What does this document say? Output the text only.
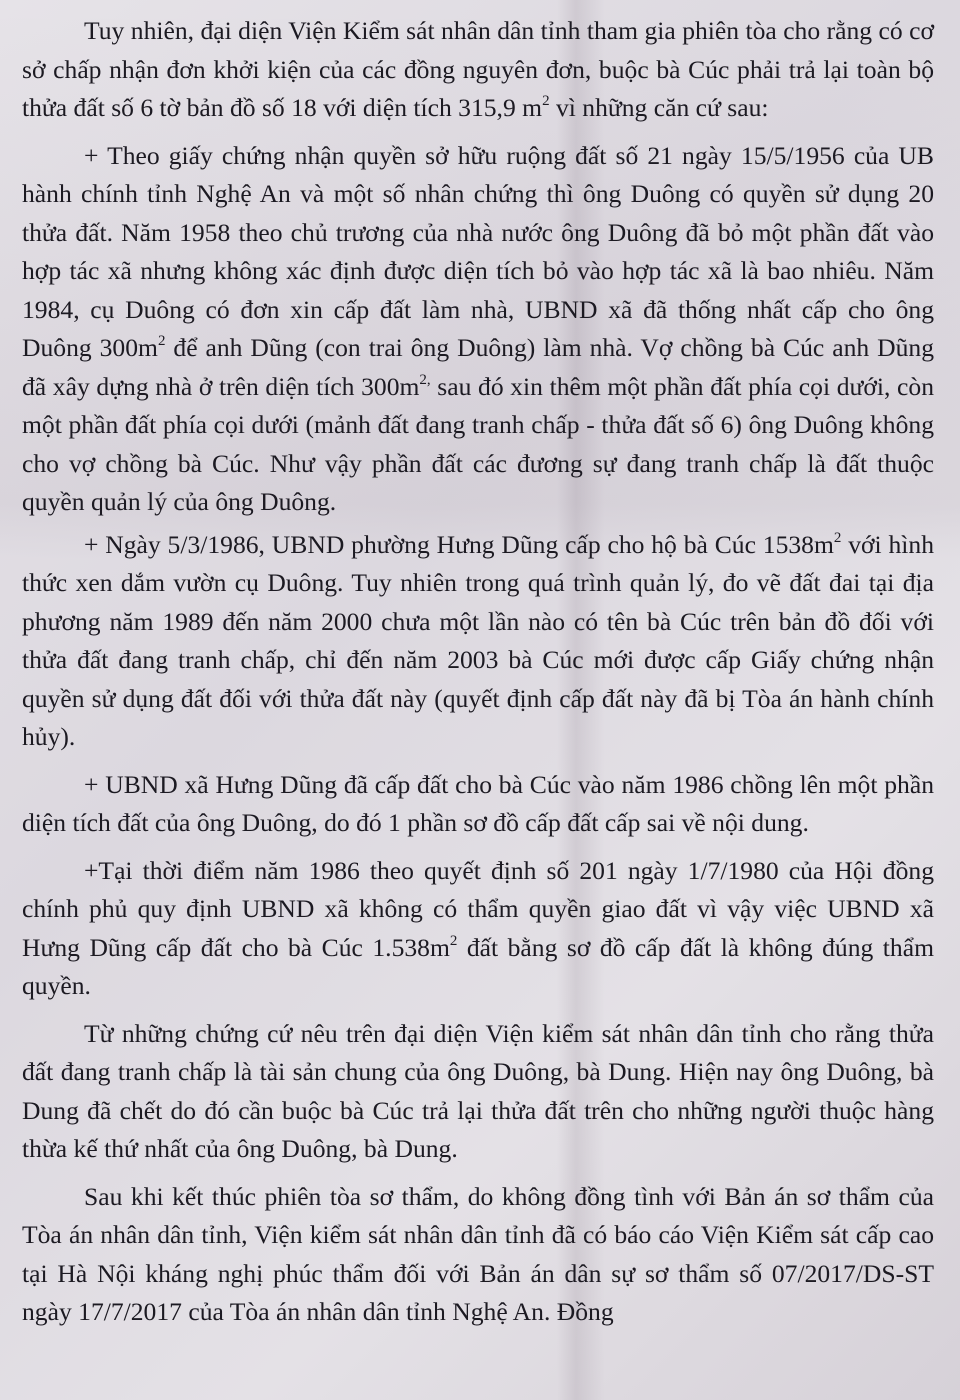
Tuy nhiên, đại diện Viện Kiểm sát nhân dân tỉnh tham gia phiên tòa cho rằng có cơ sở chấp nhận đơn khởi kiện của các đồng nguyên đơn, buộc bà Cúc phải trả lại toàn bộ thửa đất số 6 tờ bản đồ số 18 với diện tích 315,9 $m^2$ vì những căn cứ sau:

+ Theo giấy chứng nhận quyền sở hữu ruộng đất số 21 ngày 15/5/1956 của UB hành chính tỉnh Nghệ An và một số nhân chứng thì ông Duông có quyền sử dụng 20 thửa đất. Năm 1958 theo chủ trương của nhà nước ông Duông đã bỏ một phần đất vào hợp tác xã nhưng không xác định được diện tích bỏ vào hợp tác xã là bao nhiêu. Năm 1984, cụ Duông có đơn xin cấp đất làm nhà, UBND xã đã thống nhất cấp cho ông Duông $300m^2$ để anh Dũng (con trai ông Duông) làm nhà. Vợ chồng bà Cúc anh Dũng đã xây dựng nhà ở trên diện tích $300m^{2,}$ sau đó xin thêm một phần đất phía cọi dưới, còn một phần đất phía cọi dưới (mảnh đất đang tranh chấp - thửa đất số 6) ông Duông không cho vợ chồng bà Cúc. Như vậy phần đất các đương sự đang tranh chấp là đất thuộc quyền quản lý của ông Duông.

+ Ngày 5/3/1986, UBND phường Hưng Dũng cấp cho hộ bà Cúc $1538m^2$ với hình thức xen dắm vườn cụ Duông. Tuy nhiên trong quá trình quản lý, đo vẽ đất đai tại địa phương năm 1989 đến năm 2000 chưa một lần nào có tên bà Cúc trên bản đồ đối với thửa đất đang tranh chấp, chỉ đến năm 2003 bà Cúc mới được cấp Giấy chứng nhận quyền sử dụng đất đối với thửa đất này (quyết định cấp đất này đã bị Tòa án hành chính hủy).

+ UBND xã Hưng Dũng đã cấp đất cho bà Cúc vào năm 1986 chồng lên một phần diện tích đất của ông Duông, do đó 1 phần sơ đồ cấp đất cấp sai về nội dung.

+Tại thời điểm năm 1986 theo quyết định số 201 ngày 1/7/1980 của Hội đồng chính phủ quy định UBND xã không có thẩm quyền giao đất vì vậy việc UBND xã Hưng Dũng cấp đất cho bà Cúc $1.538m^2$ đất bằng sơ đồ cấp đất là không đúng thẩm quyền.

Từ những chứng cứ nêu trên đại diện Viện kiểm sát nhân dân tỉnh cho rằng thửa đất đang tranh chấp là tài sản chung của ông Duông, bà Dung. Hiện nay ông Duông, bà Dung đã chết do đó cần buộc bà Cúc trả lại thửa đất trên cho những người thuộc hàng thừa kế thứ nhất của ông Duông, bà Dung.

Sau khi kết thúc phiên tòa sơ thẩm, do không đồng tình với Bản án sơ thẩm của Tòa án nhân dân tỉnh, Viện kiểm sát nhân dân tỉnh đã có báo cáo Viện Kiểm sát cấp cao tại Hà Nội kháng nghị phúc thẩm đối với Bản án dân sự sơ thẩm số 07/2017/DS-ST ngày 17/7/2017 của Tòa án nhân dân tỉnh Nghệ An. Đồng
